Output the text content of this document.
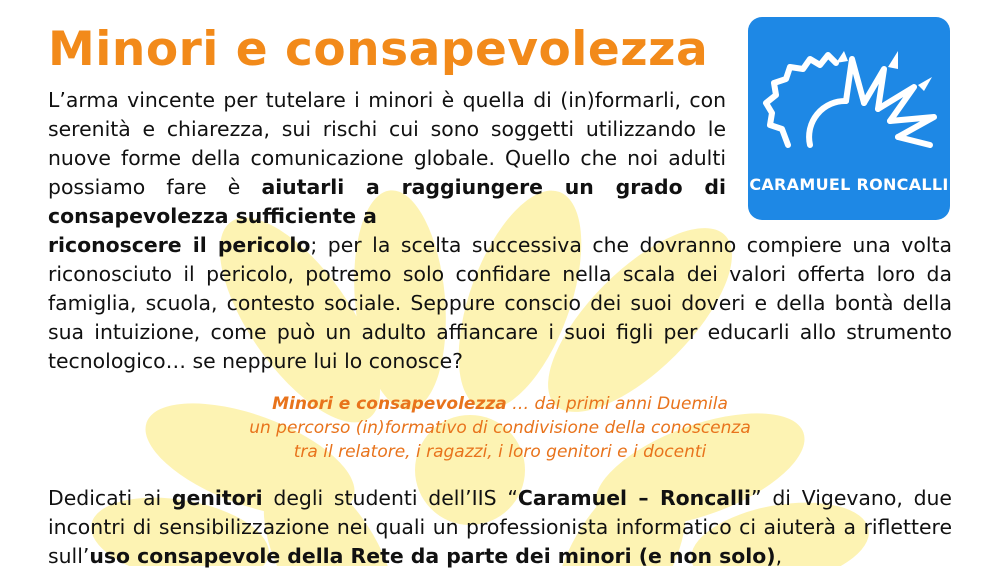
Minori e consapevolezza
CARAMUEL RONCALLI

L’arma vincente per tutelare i minori è quella di (in)formarli, con serenità e chiarezza, sui rischi cui sono soggetti utilizzando le nuove forme della comunicazione globale. Quello che noi adulti possiamo fare è aiutarli a raggiungere un grado di consapevolezza sufficiente a

riconoscere il pericolo; per la scelta successiva che dovranno compiere una volta riconosciuto il pericolo, potremo solo confidare nella scala dei valori offerta loro da famiglia, scuola, contesto sociale. Seppure conscio dei suoi doveri e della bontà della sua intuizione, come può un adulto affiancare i suoi figli per educarli allo strumento tecnologico… se neppure lui lo conosce?

Minori e consapevolezza … dai primi anni Duemila
un percorso (in)formativo di condivisione della conoscenza
tra il relatore, i ragazzi, i loro genitori e i docenti

Dedicati ai genitori degli studenti dell’IIS “Caramuel – Roncalli” di Vigevano, due incontri di sensibilizzazione nei quali un professionista informatico ci aiuterà a riflettere sull’uso consapevole della Rete da parte dei minori (e non solo),
